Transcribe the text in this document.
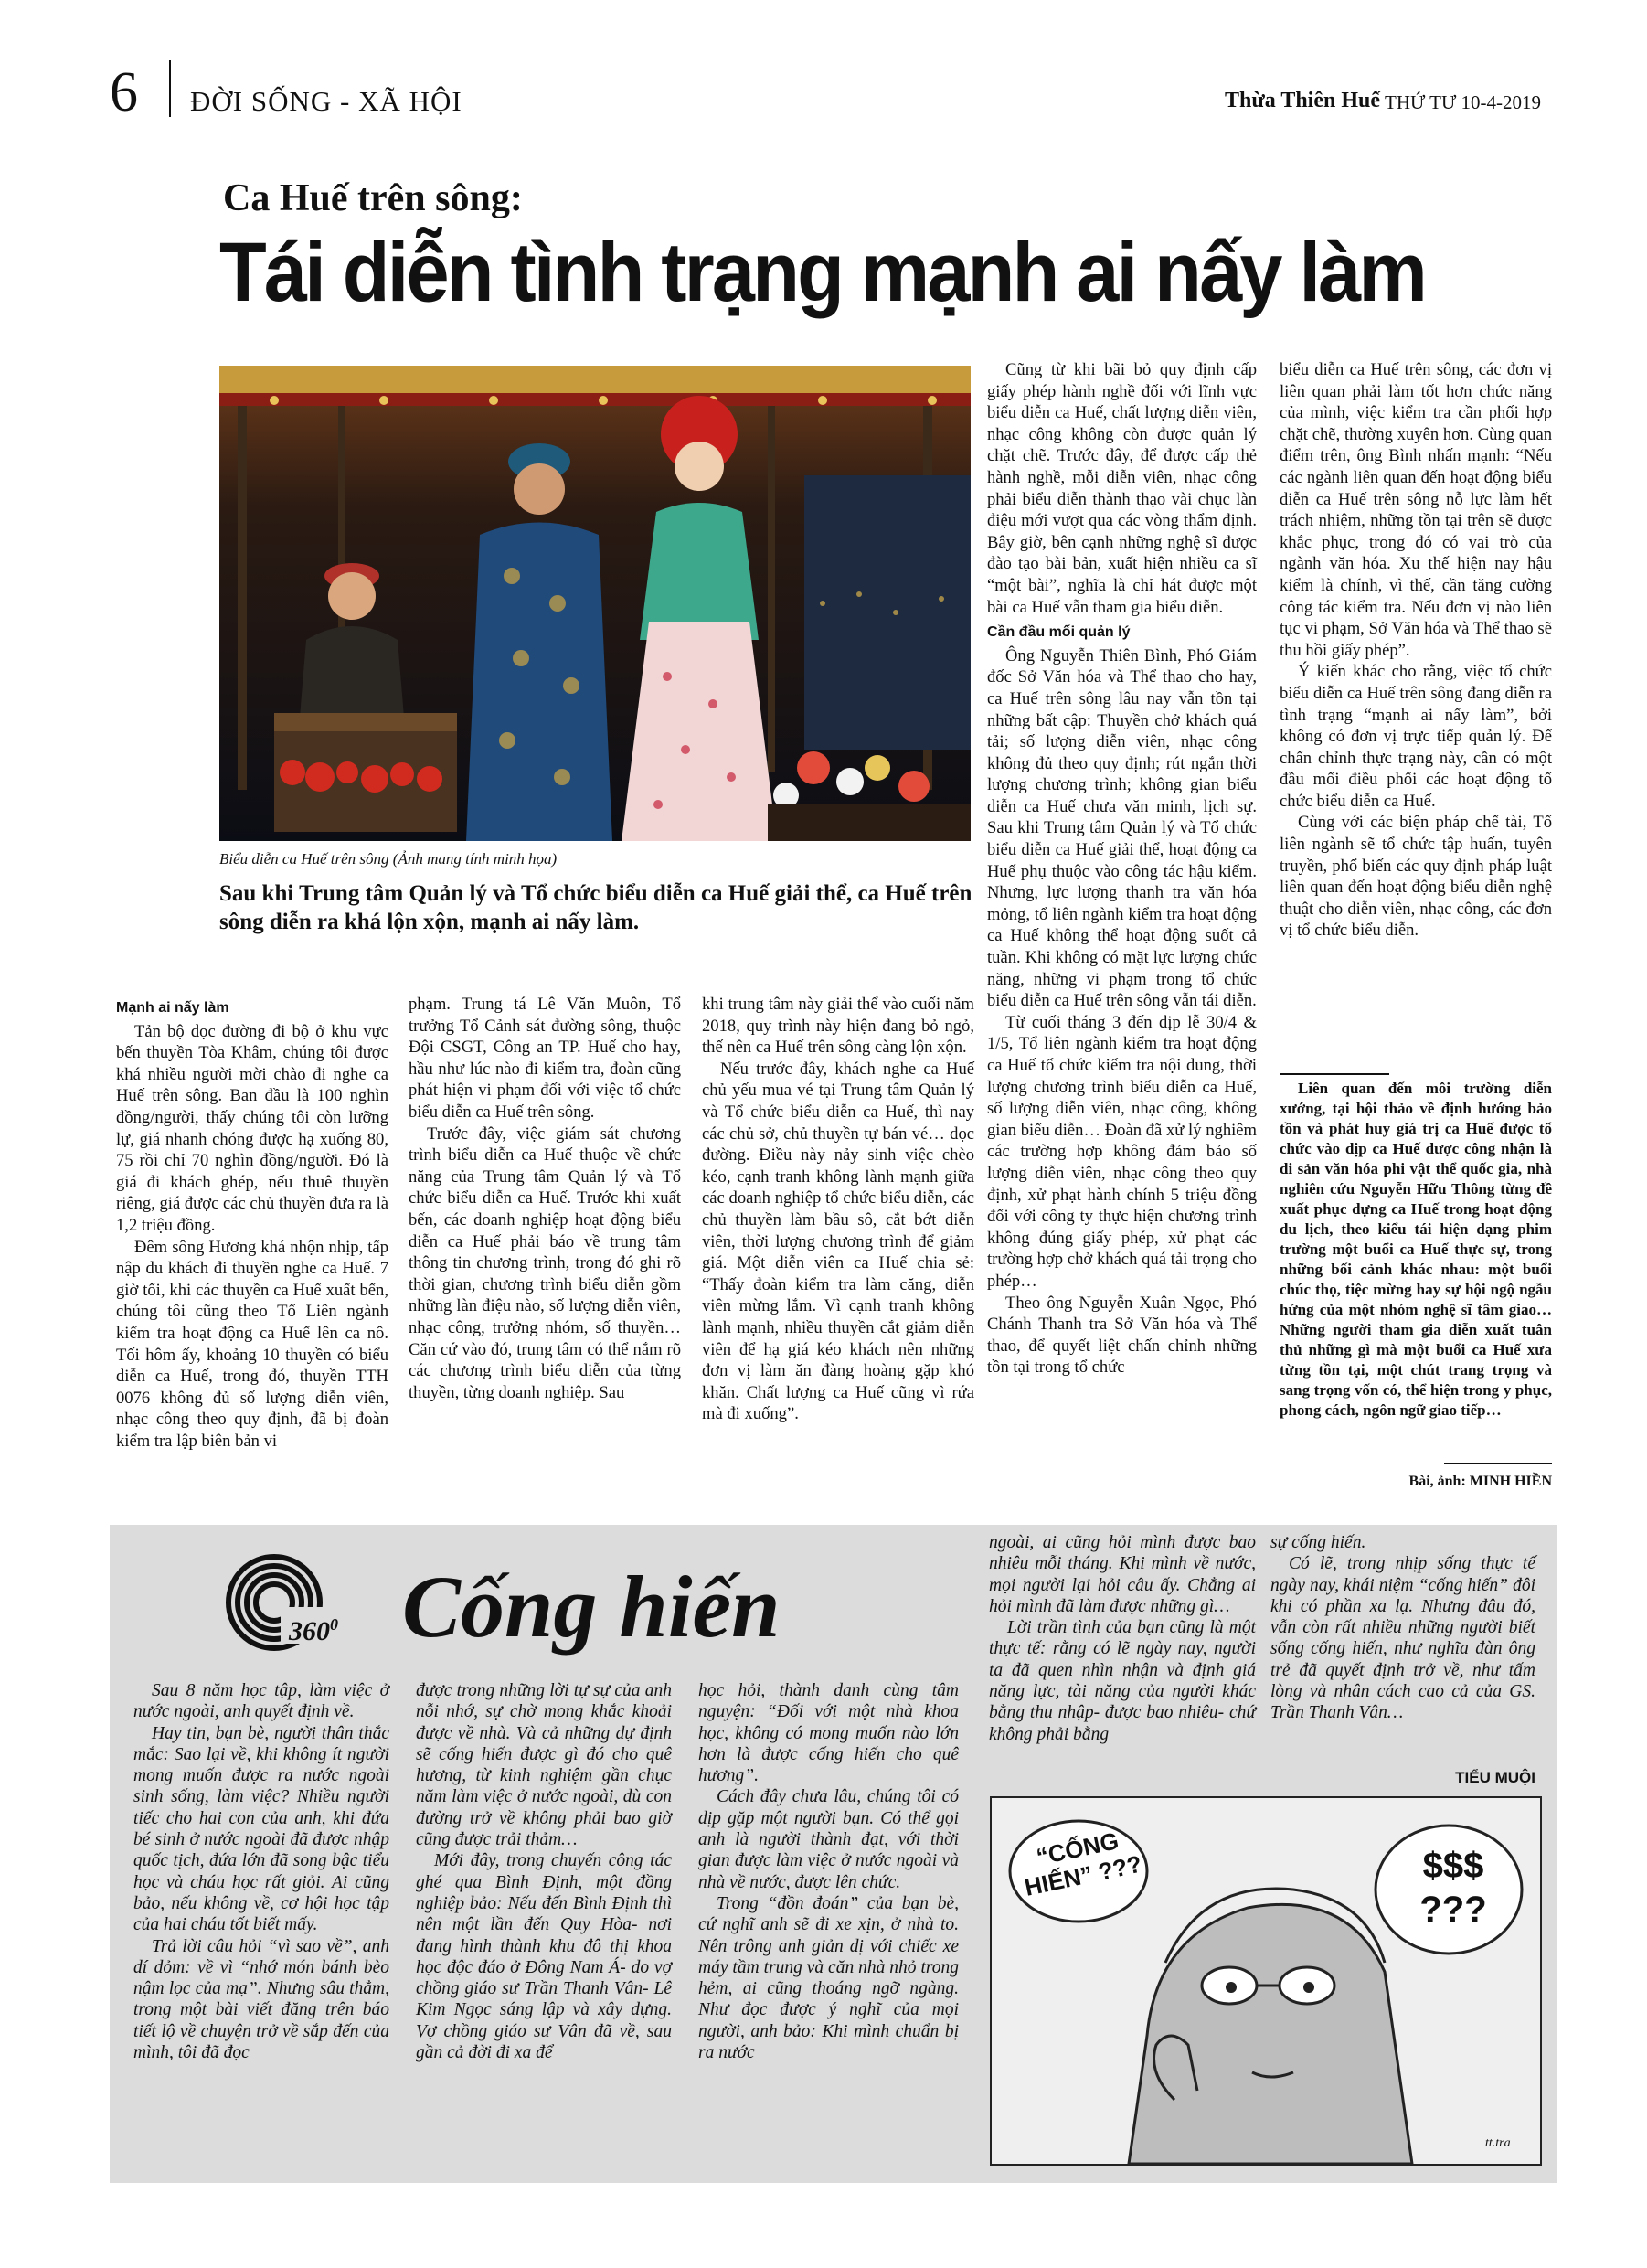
6 ĐỜI SỐNG - XÃ HỘI	Thừa Thiên Huế THỨ TƯ 10-4-2019
Ca Huế trên sông:
Tái diễn tình trạng mạnh ai nấy làm
Biểu diễn ca Huế trên sông (Ảnh mang tính minh họa)
Sau khi Trung tâm Quản lý và Tổ chức biểu diễn ca Huế giải thể, ca Huế trên sông diễn ra khá lộn xộn, mạnh ai nấy làm.

Mạnh ai nấy làm

Tản bộ dọc đường đi bộ ở khu vực bến thuyền Tòa Khâm, chúng tôi được khá nhiều người mời chào đi nghe ca Huế trên sông. Ban đầu là 100 nghìn đồng/người, thấy chúng tôi còn lưỡng lự, giá nhanh chóng được hạ xuống 80, 75 rồi chỉ 70 nghìn đồng/người. Đó là giá đi khách ghép, nếu thuê thuyền riêng, giá được các chủ thuyền đưa ra là 1,2 triệu đồng.

Đêm sông Hương khá nhộn nhịp, tấp nập du khách đi thuyền nghe ca Huế. 7 giờ tối, khi các thuyền ca Huế xuất bến, chúng tôi cũng theo Tổ Liên ngành kiểm tra hoạt động ca Huế lên ca nô. Tối hôm ấy, khoảng 10 thuyền có biểu diễn ca Huế, trong đó, thuyền TTH 0076 không đủ số lượng diễn viên, nhạc công theo quy định, đã bị đoàn kiểm tra lập biên bản vi

phạm. Trung tá Lê Văn Muôn, Tổ trưởng Tổ Cảnh sát đường sông, thuộc Đội CSGT, Công an TP. Huế cho hay, hầu như lúc nào đi kiểm tra, đoàn cũng phát hiện vi phạm đối với việc tổ chức biểu diễn ca Huế trên sông.

Trước đây, việc giám sát chương trình biểu diễn ca Huế thuộc về chức năng của Trung tâm Quản lý và Tổ chức biểu diễn ca Huế. Trước khi xuất bến, các doanh nghiệp hoạt động biểu diễn ca Huế phải báo về trung tâm thông tin chương trình, trong đó ghi rõ thời gian, chương trình biểu diễn gồm những làn điệu nào, số lượng diễn viên, nhạc công, trưởng nhóm, số thuyền… Căn cứ vào đó, trung tâm có thể nắm rõ các chương trình biểu diễn của từng thuyền, từng doanh nghiệp. Sau

khi trung tâm này giải thể vào cuối năm 2018, quy trình này hiện đang bỏ ngỏ, thế nên ca Huế trên sông càng lộn xộn.

Nếu trước đây, khách nghe ca Huế chủ yếu mua vé tại Trung tâm Quản lý và Tổ chức biểu diễn ca Huế, thì nay các chủ sở, chủ thuyền tự bán vé… dọc đường. Điều này nảy sinh việc chèo kéo, cạnh tranh không lành mạnh giữa các doanh nghiệp tổ chức biểu diễn, các chủ thuyền làm bầu sô, cắt bớt diễn viên, thời lượng chương trình để giảm giá. Một diễn viên ca Huế chia sẻ: “Thấy đoàn kiểm tra làm căng, diễn viên mừng lắm. Vì cạnh tranh không lành mạnh, nhiều thuyền cắt giảm diễn viên để hạ giá kéo khách nên những đơn vị làm ăn đàng hoàng gặp khó khăn. Chất lượng ca Huế cũng vì rứa mà đi xuống”.

Cũng từ khi bãi bỏ quy định cấp giấy phép hành nghề đối với lĩnh vực biểu diễn ca Huế, chất lượng diễn viên, nhạc công không còn được quản lý chặt chẽ. Trước đây, để được cấp thẻ hành nghề, mỗi diễn viên, nhạc công phải biểu diễn thành thạo vài chục làn điệu mới vượt qua các vòng thẩm định. Bây giờ, bên cạnh những nghệ sĩ được đào tạo bài bản, xuất hiện nhiều ca sĩ “một bài”, nghĩa là chỉ hát được một bài ca Huế vẫn tham gia biểu diễn.

Cần đầu mối quản lý

Ông Nguyễn Thiên Bình, Phó Giám đốc Sở Văn hóa và Thể thao cho hay, ca Huế trên sông lâu nay vẫn tồn tại những bất cập: Thuyền chở khách quá tải; số lượng diễn viên, nhạc công không đủ theo quy định; rút ngắn thời lượng chương trình; không gian biểu diễn ca Huế chưa văn minh, lịch sự. Sau khi Trung tâm Quản lý và Tổ chức biểu diễn ca Huế giải thể, hoạt động ca Huế phụ thuộc vào công tác hậu kiểm. Nhưng, lực lượng thanh tra văn hóa mỏng, tổ liên ngành kiểm tra hoạt động ca Huế không thể hoạt động suốt cả tuần. Khi không có mặt lực lượng chức năng, những vi phạm trong tổ chức biểu diễn ca Huế trên sông vẫn tái diễn.

Từ cuối tháng 3 đến dịp lễ 30/4 & 1/5, Tổ liên ngành kiểm tra hoạt động ca Huế tổ chức kiểm tra nội dung, thời lượng chương trình biểu diễn ca Huế, số lượng diễn viên, nhạc công, không gian biểu diễn… Đoàn đã xử lý nghiêm các trường hợp không đảm bảo số lượng diễn viên, nhạc công theo quy định, xử phạt hành chính 5 triệu đồng đối với công ty thực hiện chương trình không đúng giấy phép, xử phạt các trường hợp chở khách quá tải trọng cho phép…

Theo ông Nguyễn Xuân Ngọc, Phó Chánh Thanh tra Sở Văn hóa và Thể thao, để quyết liệt chấn chỉnh những tồn tại trong tổ chức

biểu diễn ca Huế trên sông, các đơn vị liên quan phải làm tốt hơn chức năng của mình, việc kiểm tra cần phối hợp chặt chẽ, thường xuyên hơn. Cùng quan điểm trên, ông Bình nhấn mạnh: “Nếu các ngành liên quan đến hoạt động biểu diễn ca Huế trên sông nỗ lực làm hết trách nhiệm, những tồn tại trên sẽ được khắc phục, trong đó có vai trò của ngành văn hóa. Xu thế hiện nay hậu kiểm là chính, vì thế, cần tăng cường công tác kiểm tra. Nếu đơn vị nào liên tục vi phạm, Sở Văn hóa và Thể thao sẽ thu hồi giấy phép”.

Ý kiến khác cho rằng, việc tổ chức biểu diễn ca Huế trên sông đang diễn ra tình trạng “mạnh ai nấy làm”, bởi không có đơn vị trực tiếp quản lý. Để chấn chỉnh thực trạng này, cần có một đầu mối điều phối các hoạt động tổ chức biểu diễn ca Huế.

Cùng với các biện pháp chế tài, Tổ liên ngành sẽ tổ chức tập huấn, tuyên truyền, phổ biến các quy định pháp luật liên quan đến hoạt động biểu diễn nghệ thuật cho diễn viên, nhạc công, các đơn vị tổ chức biểu diễn.

Liên quan đến môi trường diễn xướng, tại hội thảo về định hướng bảo tồn và phát huy giá trị ca Huế được tổ chức vào dịp ca Huế được công nhận là di sản văn hóa phi vật thể quốc gia, nhà nghiên cứu Nguyễn Hữu Thông từng đề xuất phục dựng ca Huế trong hoạt động du lịch, theo kiểu tái hiện dạng phim trường một buổi ca Huế thực sự, trong những bối cảnh khác nhau: một buổi chúc thọ, tiệc mừng hay sự hội ngộ ngẫu hứng của một nhóm nghệ sĩ tâm giao… Những người tham gia diễn xuất tuân thủ những gì mà một buổi ca Huế xưa từng tồn tại, một chút trang trọng và sang trọng vốn có, thể hiện trong y phục, phong cách, ngôn ngữ giao tiếp…
Bài, ảnh: MINH HIỀN
$360^0$ Cống hiến

Sau 8 năm học tập, làm việc ở nước ngoài, anh quyết định về.

Hay tin, bạn bè, người thân thắc mắc: Sao lại về, khi không ít người mong muốn được ra nước ngoài sinh sống, làm việc? Nhiều người tiếc cho hai con của anh, khi đứa bé sinh ở nước ngoài đã được nhập quốc tịch, đứa lớn đã song bậc tiểu học và cháu học rất giỏi. Ai cũng bảo, nếu không về, cơ hội học tập của hai cháu tốt biết mấy.

Trả lời câu hỏi “vì sao về”, anh dí dỏm: về vì “nhớ món bánh bèo nậm lọc của mạ”. Nhưng sâu thẳm, trong một bài viết đăng trên báo tiết lộ về chuyện trở về sắp đến của mình, tôi đã đọc

được trong những lời tự sự của anh nỗi nhớ, sự chờ mong khắc khoải được về nhà. Và cả những dự định sẽ cống hiến được gì đó cho quê hương, từ kinh nghiệm gần chục năm làm việc ở nước ngoài, dù con đường trở về không phải bao giờ cũng được trải thảm…

Mới đây, trong chuyến công tác ghé qua Bình Định, một đồng nghiệp bảo: Nếu đến Bình Định thì nên một lần đến Quy Hòa- nơi đang hình thành khu đô thị khoa học độc đáo ở Đông Nam Á- do vợ chồng giáo sư Trần Thanh Vân- Lê Kim Ngọc sáng lập và xây dựng. Vợ chồng giáo sư Vân đã về, sau gần cả đời đi xa để

học hỏi, thành danh cùng tâm nguyện: “Đối với một nhà khoa học, không có mong muốn nào lớn hơn là được cống hiến cho quê hương”.

Cách đây chưa lâu, chúng tôi có dịp gặp một người bạn. Có thể gọi anh là người thành đạt, với thời gian được làm việc ở nước ngoài và nhà về nước, được lên chức.

Trong “đồn đoán” của bạn bè, cứ nghĩ anh sẽ đi xe xịn, ở nhà to. Nên trông anh giản dị với chiếc xe máy tầm trung và căn nhà nhỏ trong hẻm, ai cũng thoáng ngỡ ngàng. Như đọc được ý nghĩ của mọi người, anh bảo: Khi mình chuẩn bị ra nước

ngoài, ai cũng hỏi mình được bao nhiêu mỗi tháng. Khi mình về nước, mọi người lại hỏi câu ấy. Chẳng ai hỏi mình đã làm được những gì…

Lời trần tình của bạn cũng là một thực tế: rằng có lẽ ngày nay, người ta đã quen nhìn nhận và định giá năng lực, tài năng của người khác bằng thu nhập- được bao nhiêu- chứ không phải bằng

sự cống hiến.

Có lẽ, trong nhịp sống thực tế ngày nay, khái niệm “cống hiến” đôi khi có phần xa lạ. Nhưng đâu đó, vẫn còn rất nhiều những người biết sống cống hiến, như nghĩa đàn ông trẻ đã quyết định trở về, như tấm lòng và nhân cách cao cả của GS. Trần Thanh Vân…

TIỂU MUỘI
“CỐNG HIẾN” ???	$$$ ???
tt.tra
